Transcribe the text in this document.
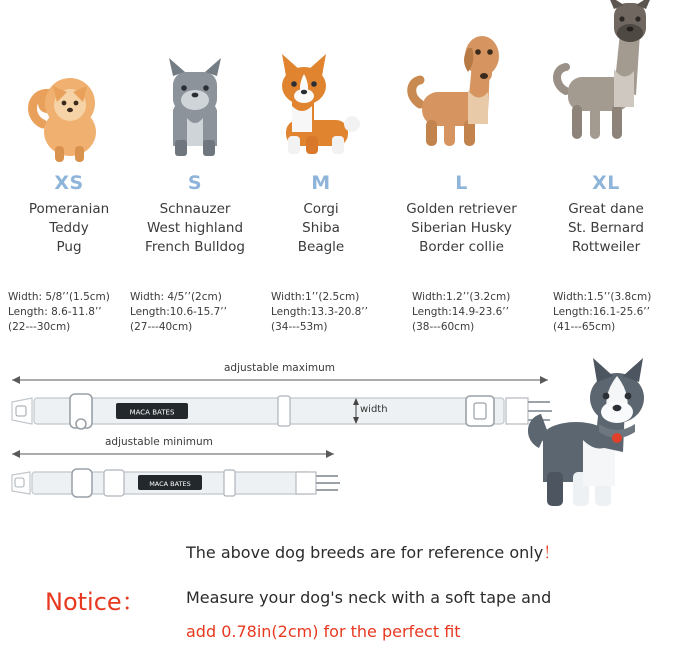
XS
Pomeranian
Teddy
Pug
S
Schnauzer
West highland
French Bulldog
M
Corgi
Shiba
Beagle
L
Golden retriever
Siberian Husky
Border collie
XL
Great dane
St. Bernard
Rottweiler
Width: 5/8’’(1.5cm)
Length: 8.6-11.8’’
(22---30cm)
Width: 4/5’’(2cm)
Length:10.6-15.7’’
(27---40cm)
Width:1’’(2.5cm)
Length:13.3-20.8’’
(34---53m)
Width:1.2’’(3.2cm)
Length:14.9-23.6’’
(38---60cm)
Width:1.5’’(3.8cm)
Length:16.1-25.6’’
(41---65cm)
adjustable maximum
MACA BATES	width
adjustable minimum
MACA BATES
The above dog breeds are for reference only！
Notice：	Measure your dog's neck with a soft tape and
add 0.78in(2cm) for the perfect fit
